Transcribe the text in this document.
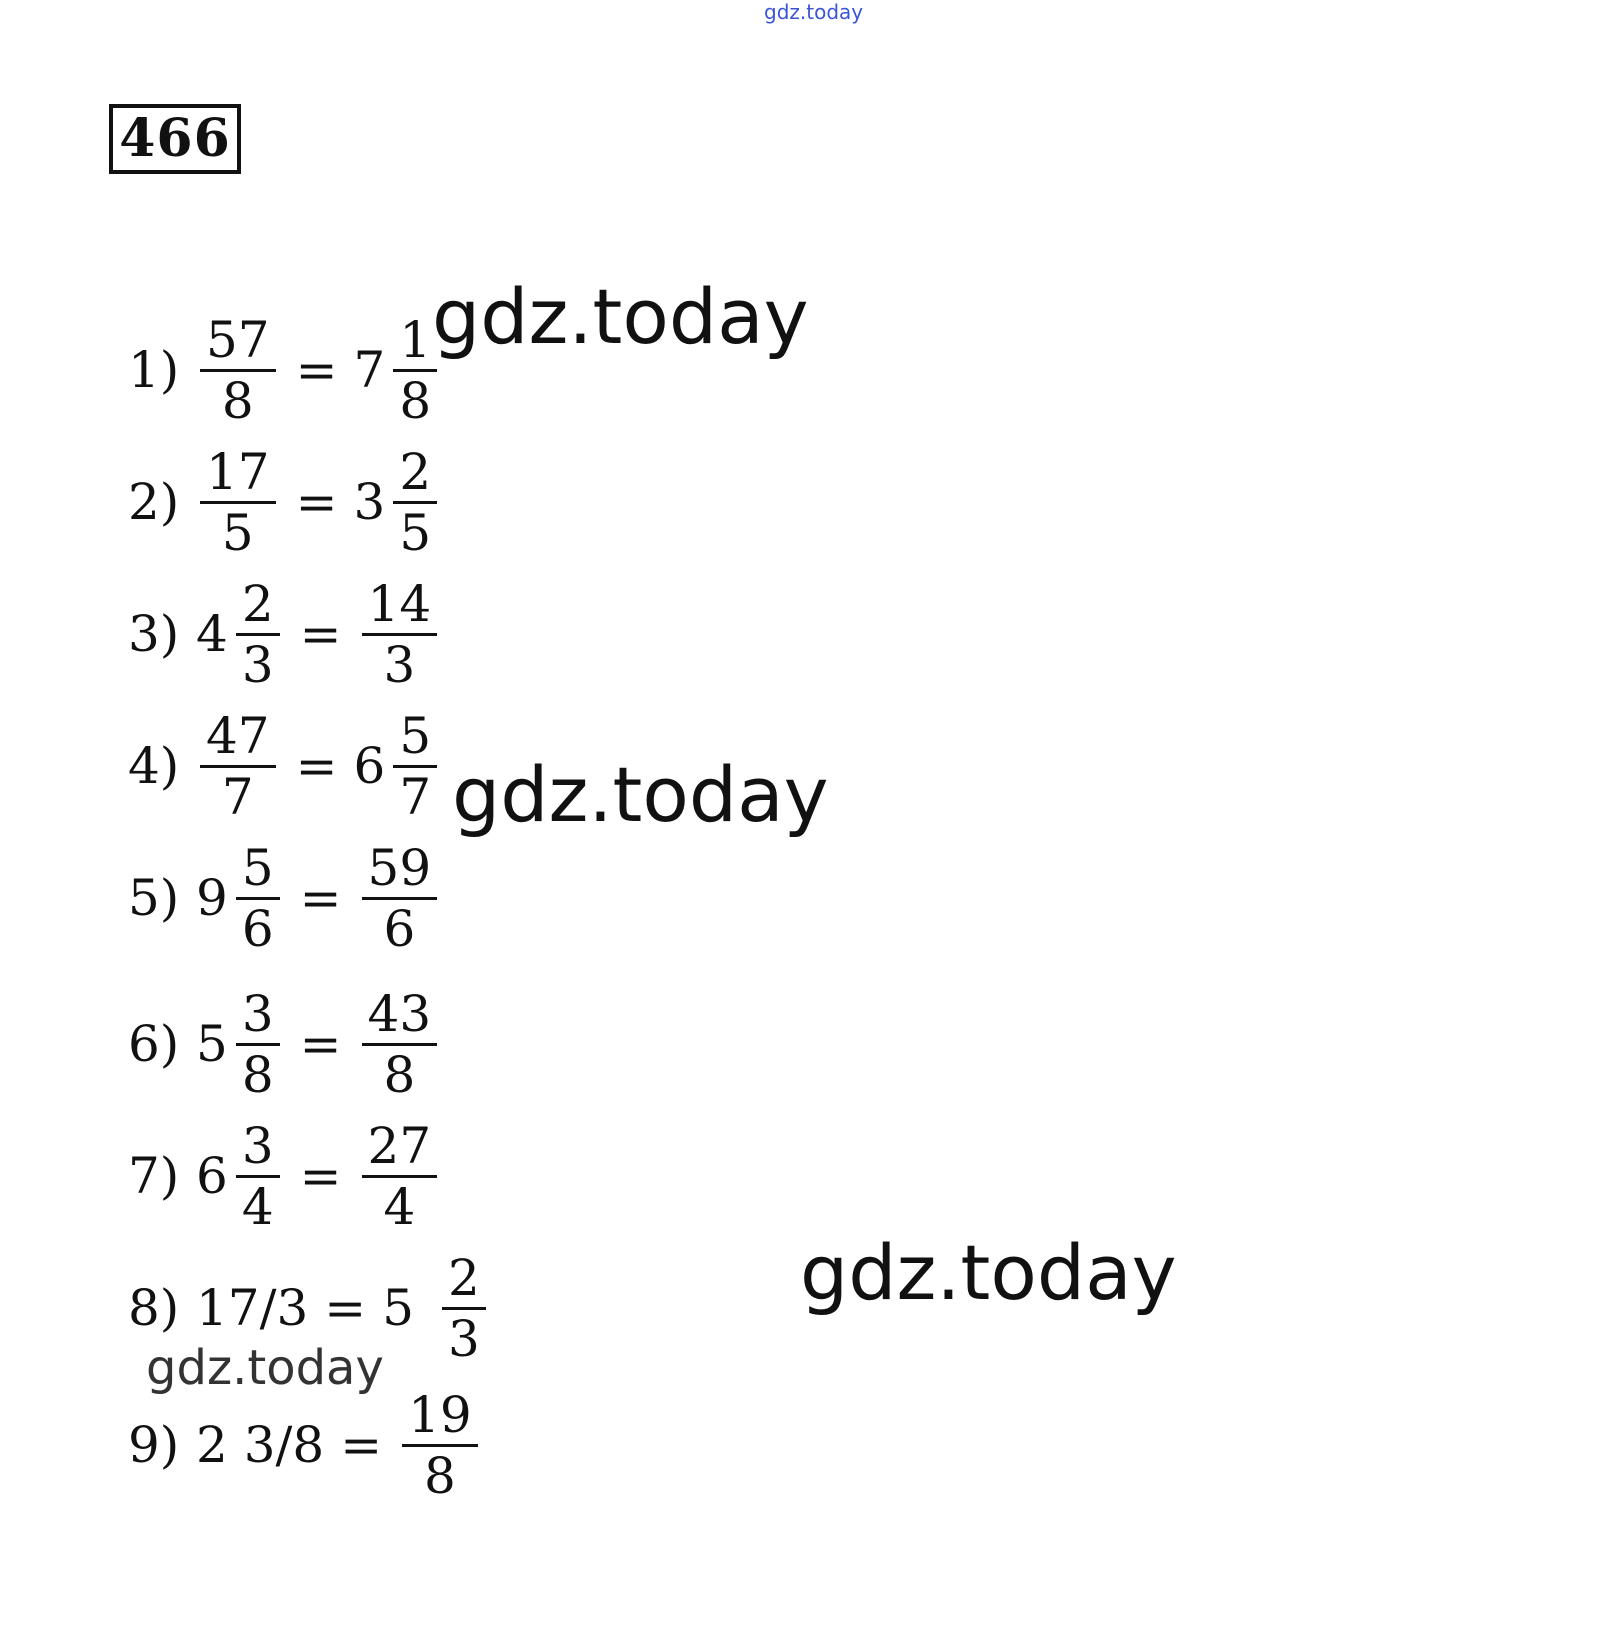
gdz.today
466
$1) \frac{57}{8} = 7 \frac{1}{8}$
$2) \frac{17}{5} = 3 \frac{2}{5}$
3) $4 \frac{2}{3} = \frac{14}{3}$
$4) \frac{47}{7} = 6 \frac{5}{7}$
5) $9 \frac{5}{6} = \frac{59}{6}$
6) $5 \frac{3}{8} = \frac{43}{8}$
7) $6 \frac{3}{4} = \frac{27}{4}$
8) $17/3 = 5 \frac{2}{3}$
9) 2 $3/8 = \frac{19}{8}$
gdz.today
gdz.today
gdz.today
gdz.today
